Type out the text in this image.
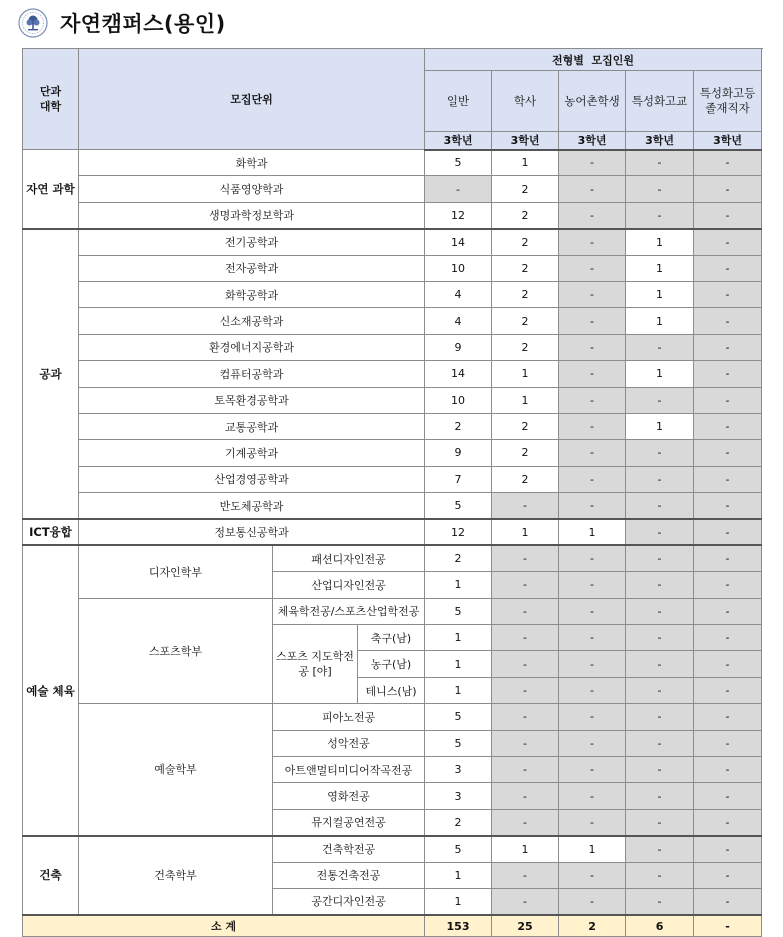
자연캠퍼스(용인)
단과
대학	모집단위			전형별  모집인원					
				일반	학사	농어촌학생	특성화고교	특성화고등 졸재직자	
				3학년	3학년	3학년	3학년	3학년	
자연 과학	화학과			5	1	-	-	-	
	식품영양학과			-	2	-	-	-	
	생명과학정보학과			12	2	-	-	-	
공과	전기공학과			14	2	-	1	-	
	전자공학과			10	2	-	1	-	
	화학공학과			4	2	-	1	-	
	신소재공학과			4	2	-	1	-	
	환경에너지공학과			9	2	-	-	-	
	컴퓨터공학과			14	1	-	1	-	
	토목환경공학과			10	1	-	-	-	
	교통공학과			2	2	-	1	-	
	기계공학과			9	2	-	-	-	
	산업경영공학과			7	2	-	-	-	
	반도체공학과			5	-	-	-	-	
ICT융합	정보통신공학과			12	1	1	-	-	
예술 체육	디자인학부	패션디자인전공		2	-	-	-	-	
		산업디자인전공		1	-	-	-	-	
	스포츠학부	체육학전공/스포츠산업학전공		5	-	-	-	-	
		스포츠 지도학전공 [야]	축구(남)	1	-	-	-	-	
			농구(남)	1	-	-	-	-	
			테니스(남)	1	-	-	-	-	
	예술학부	피아노전공		5	-	-	-	-	
		성악전공		5	-	-	-	-	
		아트앤멀티미디어작곡전공		3	-	-	-	-	
		영화전공		3	-	-	-	-	
		뮤지컬공연전공		2	-	-	-	-	
건축	건축학부	건축학전공		5	1	1	-	-	
		전통건축전공		1	-	-	-	-	
		공간디자인전공		1	-	-	-	-	
소 계				153	25	2	6	-	
